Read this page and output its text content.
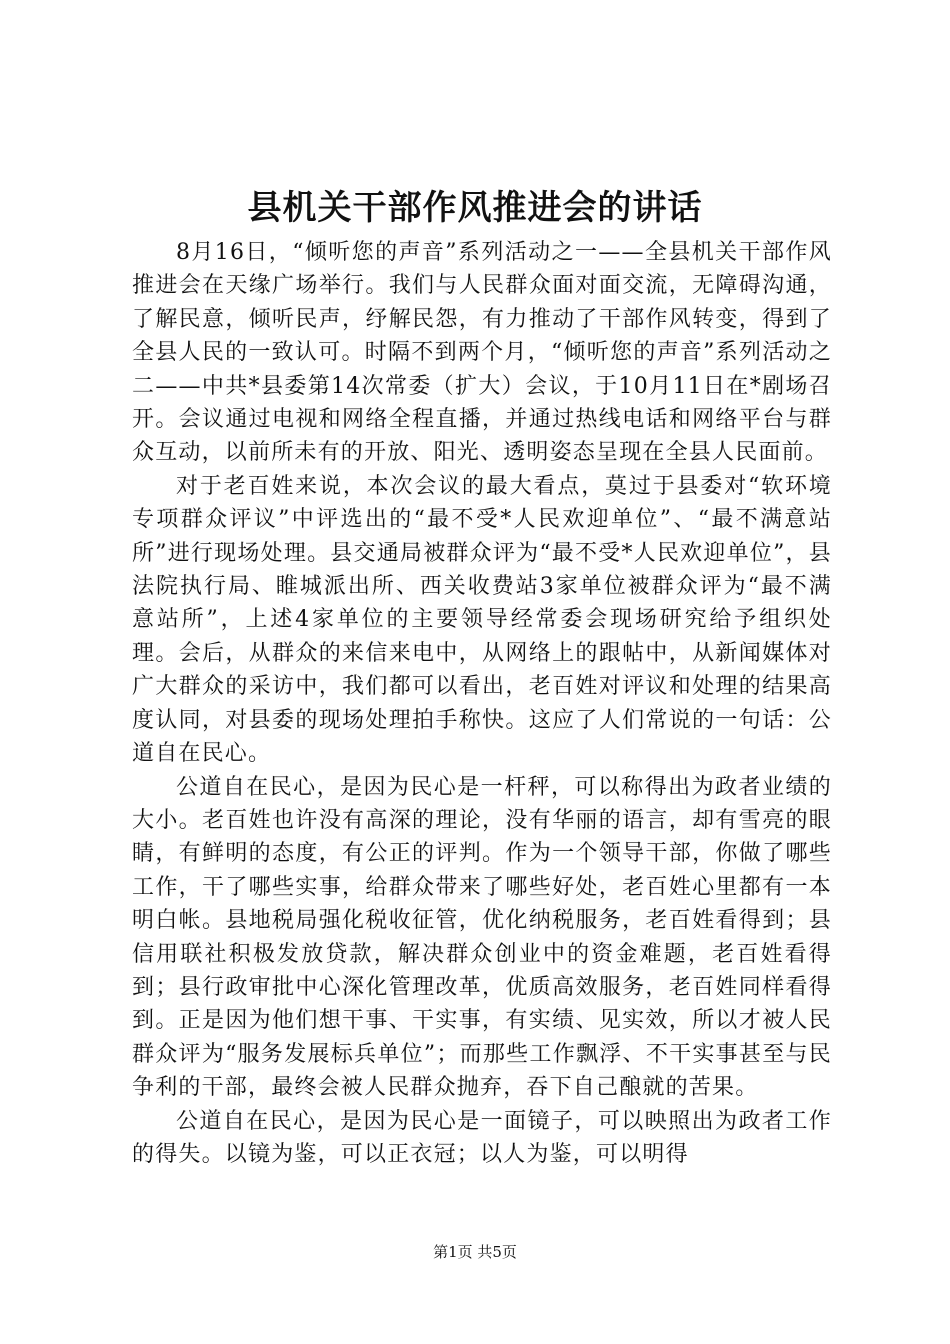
县机关干部作风推进会的讲话

8月16日，“倾听您的声音”系列活动之一——全县机关干部作风推进会在天缘广场举行。我们与人民群众面对面交流，无障碍沟通，了解民意，倾听民声，纾解民怨，有力推动了干部作风转变，得到了全县人民的一致认可。时隔不到两个月，“倾听您的声音”系列活动之二——中共*县委第14次常委（扩大）会议，于10月11日在*剧场召开。会议通过电视和网络全程直播，并通过热线电话和网络平台与群众互动，以前所未有的开放、阳光、透明姿态呈现在全县人民面前。

对于老百姓来说，本次会议的最大看点，莫过于县委对“软环境专项群众评议”中评选出的“最不受*人民欢迎单位”、“最不满意站所”进行现场处理。县交通局被群众评为“最不受*人民欢迎单位”，县法院执行局、睢城派出所、西关收费站3家单位被群众评为“最不满意站所”，上述4家单位的主要领导经常委会现场研究给予组织处理。会后，从群众的来信来电中，从网络上的跟帖中，从新闻媒体对广大群众的采访中，我们都可以看出，老百姓对评议和处理的结果高度认同，对县委的现场处理拍手称快。这应了人们常说的一句话：公道自在民心。

公道自在民心，是因为民心是一杆秤，可以称得出为政者业绩的大小。老百姓也许没有高深的理论，没有华丽的语言，却有雪亮的眼睛，有鲜明的态度，有公正的评判。作为一个领导干部，你做了哪些工作，干了哪些实事，给群众带来了哪些好处，老百姓心里都有一本明白帐。县地税局强化税收征管，优化纳税服务，老百姓看得到；县信用联社积极发放贷款，解决群众创业中的资金难题，老百姓看得到；县行政审批中心深化管理改革，优质高效服务，老百姓同样看得到。正是因为他们想干事、干实事，有实绩、见实效，所以才被人民群众评为“服务发展标兵单位”；而那些工作飘浮、不干实事甚至与民争利的干部，最终会被人民群众抛弃，吞下自己酿就的苦果。

公道自在民心，是因为民心是一面镜子，可以映照出为政者工作的得失。以镜为鉴，可以正衣冠；以人为鉴，可以明得

第1页 共5页
